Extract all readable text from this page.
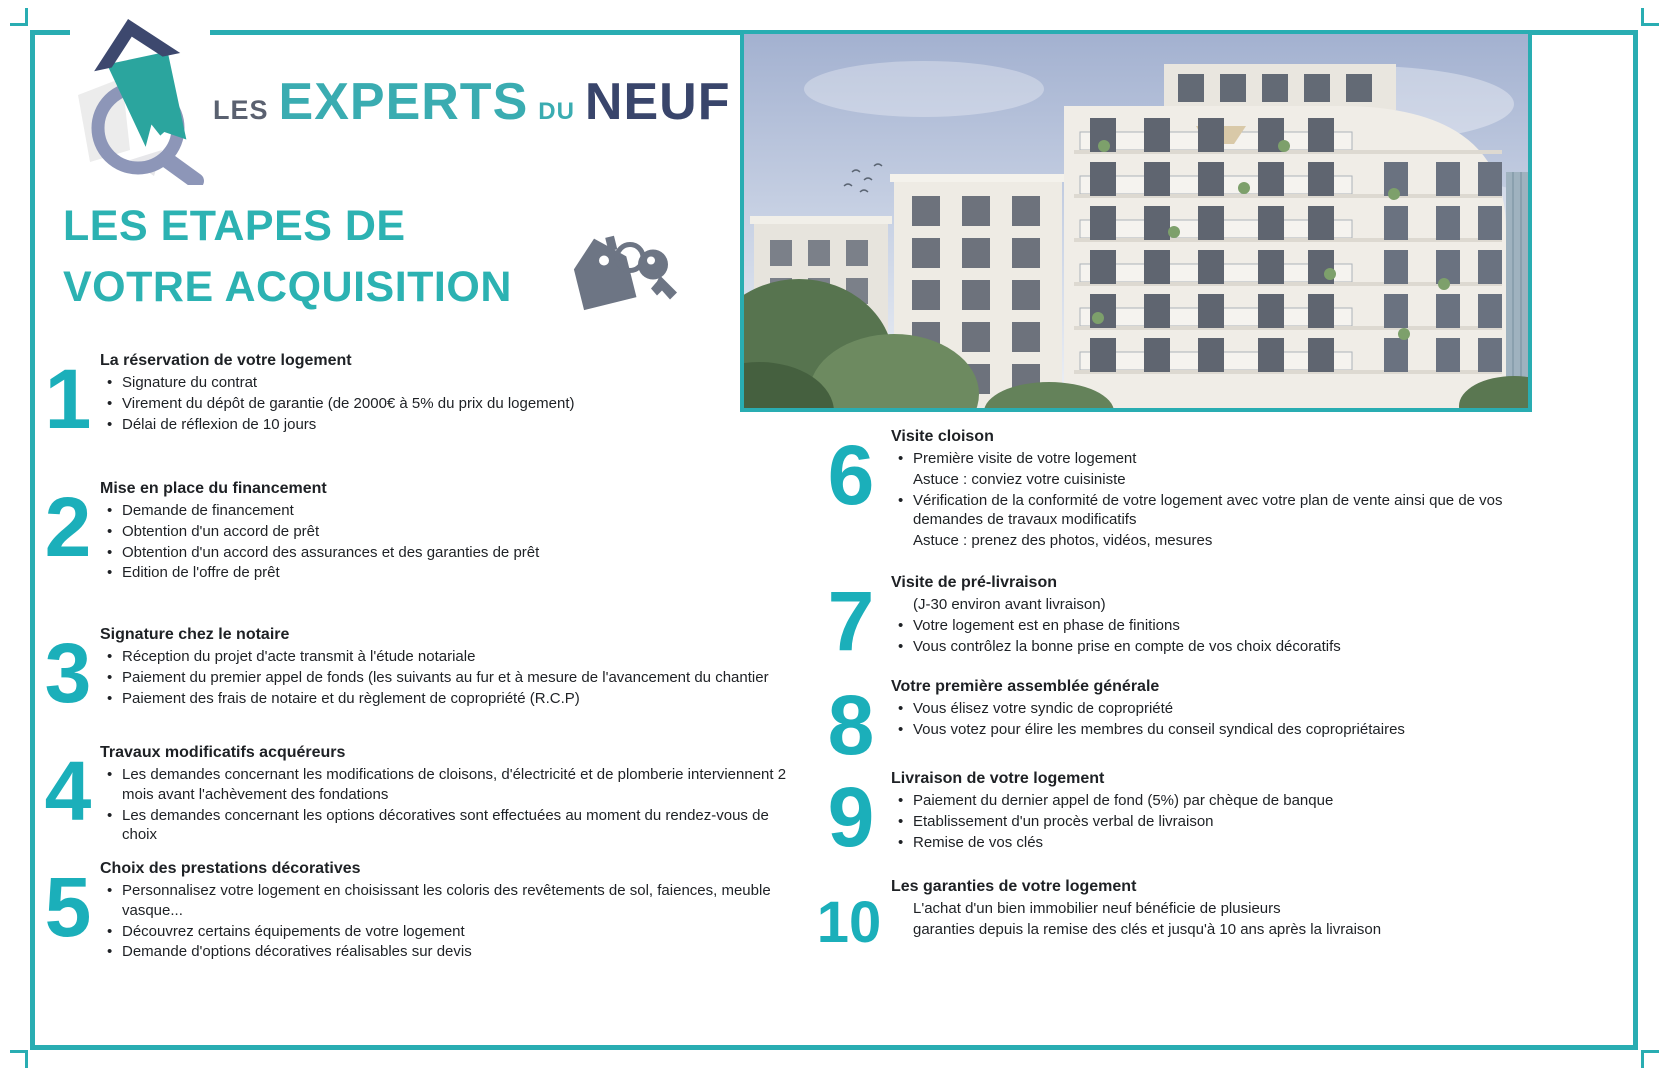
LES EXPERTS DU NEUF
LES ETAPES DE
VOTRE ACQUISITION
1 La réservation de votre logement
• Signature du contrat
• Virement du dépôt de garantie (de 2000€ à 5% du prix du logement)
• Délai de réflexion de 10 jours
2 Mise en place du financement
• Demande de financement
• Obtention d'un accord de prêt
• Obtention d'un accord des assurances et des garanties de prêt
• Edition de l'offre de prêt
3 Signature chez le notaire
• Réception du projet d'acte transmit à l'étude notariale
• Paiement du premier appel de fonds (les suivants au fur et à mesure de l'avancement du chantier
• Paiement des frais de notaire et du règlement de copropriété (R.C.P)
4 Travaux modificatifs acquéreurs
• Les demandes concernant les modifications de cloisons, d'électricité et de plomberie interviennent 2 mois avant l'achèvement des fondations
• Les demandes concernant les options décoratives sont effectuées au moment du rendez-vous de choix
5 Choix des prestations décoratives
• Personnalisez votre logement en choisissant les coloris des revêtements de sol, faiences, meuble vasque...
• Découvrez certains équipements de votre logement
• Demande d'options décoratives réalisables sur devis
6	Visite cloison
• Première visite de votre logement
Astuce : conviez votre cuisiniste
• Vérification de la conformité de votre logement avec votre plan de vente ainsi que de vos demandes de travaux modificatifs
Astuce : prenez des photos, vidéos, mesures
7	Visite de pré-livraison
(J-30 environ avant livraison)
• Votre logement est en phase de finitions
• Vous contrôlez la bonne prise en compte de vos choix décoratifs
8	Votre première assemblée générale
• Vous élisez votre syndic de copropriété
• Vous votez pour élire les membres du conseil syndical des copropriétaires
9	Livraison de votre logement
• Paiement du dernier appel de fond (5%) par chèque de banque
• Etablissement d'un procès verbal de livraison
• Remise de vos clés
10
Les garanties de votre logement
L'achat d'un bien immobilier neuf bénéficie de plusieurs
garanties depuis la remise des clés et jusqu'à 10 ans après la livraison
